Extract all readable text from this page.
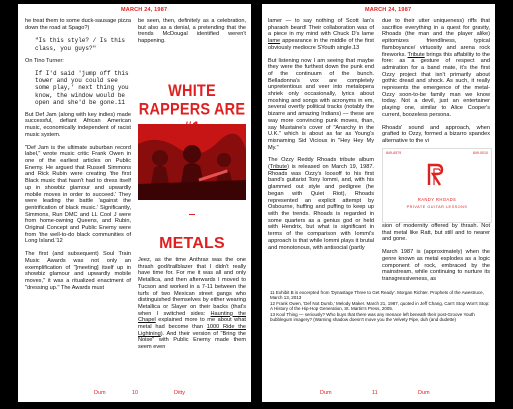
MARCH 24, 1987

he treat them to some duck-sausage pizza down the road at Spago?)

"Is this style? / Is this class, you guys?"

On Tino Turner:

If I'd said 'jump off this tower and you could see some play,' next thing you know, the window would be open and she'd be gone.11

But Def Jam (along with key indies) made successful, defiant African American music, economically independent of racist music system.

"Def Jam is the ultimate suburban record label," wrote music critic Frank Owen in one of the earliest articles on Public Enemy. He argued that Russell Simmons and Rick Rubin were creating 'the first Black music that hasn't had to dress itself up in showbiz glamour and upwardly mobile moves in order to succeed.' They were leading the battle 'against the gentrification of black music.' Significantly, Simmons, Run DMC and LL Cool J were from home-owning Queens, and Rubin, Original Concept and Public Enemy were from 'the well-to-do black communities of Long Island.'12

The first (and subsequent) Soul Train Music Awards was not only an exemplification of "[meeting] itself up in showbiz glamour and upwardly mobile moves," it was a ritualized enactment of "dressing up." The Awards must

be seen, then, definitely as a celebration, but also as a denial, a pretending that the trends McDougal identified weren't happening.

WHITE RAPPERS ARE
METALS

Jeez, as the time Anthrax was the one thrash god/trailblazer that I didn't really have time for. For me it was all and only Metallica, and then afterwards I moved to Tucson and worked in a 7-11 between the turfs of two Mexican street gangs who distinguished themselves by either wearing Metallica or Slayer on their backs (that's when I switched sides: Haunting the Chapel explained more to me about what metal had become than 1000 Ride the Lightning). And their version of "Bring the Noise" with Public Enemy made them seem even

Dum	10	Ditty
MARCH 24, 1987

lamer — to say nothing of Scott Ian's pharaoh beard! Their collaboration was of a piece in my mind with Chuck D's lame lame appearance in the middle of the first obviously mediocre SYouth single.13

But listening now I am seeing that maybe they were the furthest down the punk end of the continuum of the bunch. Belladonna's vox are completely unpretentious and veer into metalopera shriek only occasionally, lyrics about moshing and songs with acronyms in em, several overtly political tracks (notably the bizarre and amazing Indians) — these are way more convincing punk moves, than, say Mustaine's cover of "Anarchy in the U.K." which is about as far as Young's misnaming Sid Vicious in "Hey Hey My My."

The Ozzy Reddy Rhoads tribute album (Tribute) is released on March 19, 1987. Rhoads was Ozzy's loosoff to his first band's guitarist Tony Iommi, and, with his glammed out style and pedigree (he began with Quiet Riot), Rhoads represented an explicit attempt by Osbourne, huffing and puffing to keep up with the trends. Rhoads is regarded in some quarters as a genius god or held with Hendrix, but what is significant in terms of the comparison with Iommi's approach is that while Iommi plays it brutal and monotonous, with antisocial (partly

due to their utter uniqueness) riffs that sacrifice everything in a quest for gravity, Rhoads (the man and the player alike) epitomizes friendliness, typical flamboyance/ virtuosity and arena rock fireworks. Tribute brings this affability to the fore: as a gesture of respect and admiration for a band mate, it's the first Ozzy project that isn't primarily about gothic dread and shock. As such, it really represents the emergence of the metal-Ozzy soon-to-be family man we know today. Not a devil, just an entertainer playing one, similar to Alice Cooper's current, boozeless persona.

Rhoads' sound and approach, when grafted to Ozzy, formed a bizarro spandex alternative to the vi

849-6579	849-0010
RANDY RHOADS
PRIVATE GUITAR LESSONS

sion of modernity offered by thrash. Not that metal like Ratt, but still and to nearer and gone.

March 1987 is (approximately) when the genre known as metal explodes as a logic component of rock, embraced by the mainstream, while continuing to nurture its transgressiveness, as

11 Exhibit B is excerpted from 'Dynastage Three to Get Ready'. Morgan Richter. Prophets of the Awestruce, March 13, 2013

12 Frank Owen, 'Def Not Dumb,' Melody Maker. March 21, 1987, quoted in Jeff Chang, Can't Stop Won't Stop: A History of the Hip-Hop Generation, St. Martin's Press, 2005.

13 Kool Thing — seriously? Who buys that there was any menace left beneath their post-Groove Youth bubblegum imagery? (Warning shadow doesn't move you the Velvety Pipe, duh (and dudette)

Dum	11	Dum
